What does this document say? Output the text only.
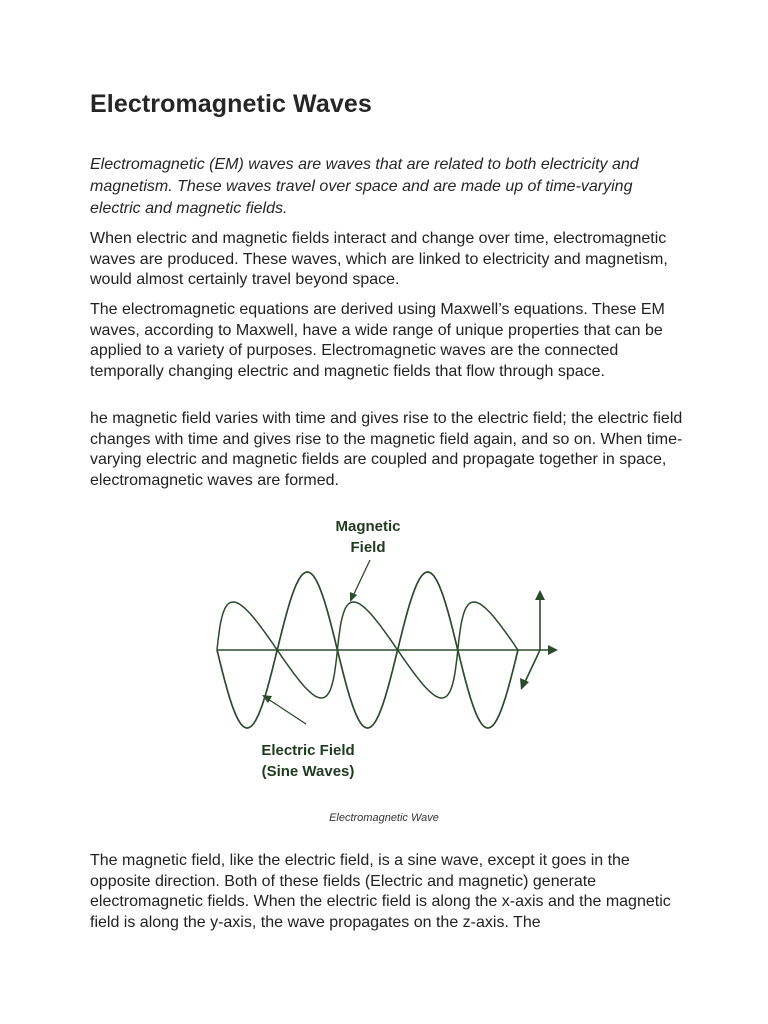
Electromagnetic Waves

Electromagnetic (EM) waves are waves that are related to both electricity and magnetism. These waves travel over space and are made up of time-varying electric and magnetic fields.

When electric and magnetic fields interact and change over time, electromagnetic waves are produced. These waves, which are linked to electricity and magnetism, would almost certainly travel beyond space.

The electromagnetic equations are derived using Maxwell’s equations. These EM waves, according to Maxwell, have a wide range of unique properties that can be applied to a variety of purposes. Electromagnetic waves are the connected temporally changing electric and magnetic fields that flow through space.

he magnetic field varies with time and gives rise to the electric field; the electric field changes with time and gives rise to the magnetic field again, and so on. When time-varying electric and magnetic fields are coupled and propagate together in space, electromagnetic waves are formed.

Magnetic
Field
Electric Field
(Sine Waves)
Electromagnetic Wave

The magnetic field, like the electric field, is a sine wave, except it goes in the opposite direction. Both of these fields (Electric and magnetic) generate electromagnetic fields. When the electric field is along the x-axis and the magnetic field is along the y-axis, the wave propagates on the z-axis. The
